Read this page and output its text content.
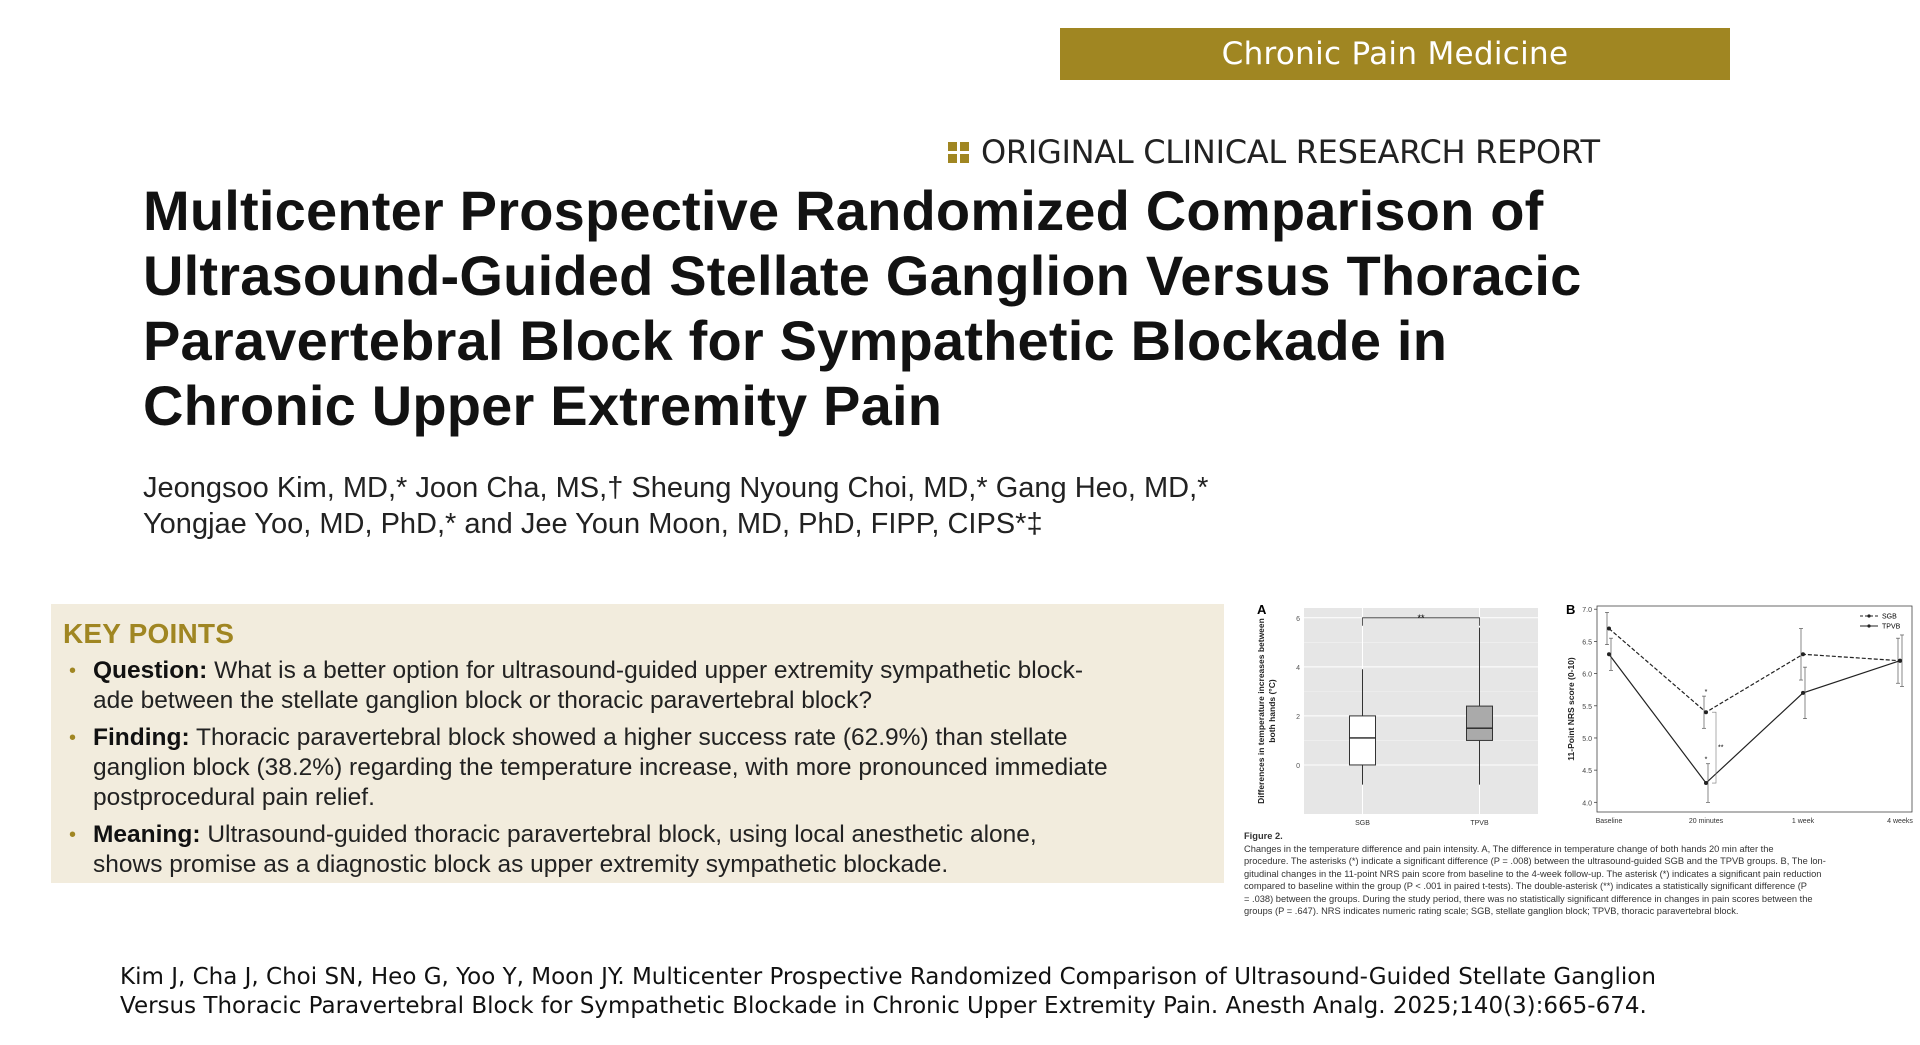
Chronic Pain Medicine
ORIGINAL CLINICAL RESEARCH REPORT
Multicenter Prospective Randomized Comparison of
Ultrasound-Guided Stellate Ganglion Versus Thoracic
Paravertebral Block for Sympathetic Blockade in
Chronic Upper Extremity Pain
Jeongsoo Kim, MD,* Joon Cha, MS,† Sheung Nyoung Choi, MD,* Gang Heo, MD,*
Yongjae Yoo, MD, PhD,* and Jee Youn Moon, MD, PhD, FIPP, CIPS*‡
KEY POINTS
• Question: What is a better option for ultrasound-guided upper extremity sympathetic block-
ade between the stellate ganglion block or thoracic paravertebral block?
• Finding: Thoracic paravertebral block showed a higher success rate (62.9%) than stellate
ganglion block (38.2%) regarding the temperature increase, with more pronounced immediate
postprocedural pain relief.
• Meaning: Ultrasound-guided thoracic paravertebral block, using local anesthetic alone,
shows promise as a diagnostic block as upper extremity sympathetic blockade.
A
0
2
4
6
SGB	TPVB
Differences in temperature increases betweenboth hands (°C)
**
B
4.0
4.5
5.0
5.5
6.0
6.5
7.0
Baseline	20 minutes	1 week	4 weeks
11-Point NRS score (0-10)	*
*
**
SGB
TPVB
Figure 2.
Changes in the temperature difference and pain intensity. A, The difference in temperature change of both hands 20 min after the
procedure. The asterisks (*) indicate a significant difference (P = .008) between the ultrasound-guided SGB and the TPVB groups. B, The lon-
gitudinal changes in the 11-point NRS pain score from baseline to the 4-week follow-up. The asterisk (*) indicates a significant pain reduction
compared to baseline within the group (P < .001 in paired t-tests). The double-asterisk (**) indicates a statistically significant difference (P
= .038) between the groups. During the study period, there was no statistically significant difference in changes in pain scores between the
groups (P = .647). NRS indicates numeric rating scale; SGB, stellate ganglion block; TPVB, thoracic paravertebral block.
Kim J, Cha J, Choi SN, Heo G, Yoo Y, Moon JY. Multicenter Prospective Randomized Comparison of Ultrasound-Guided Stellate Ganglion
Versus Thoracic Paravertebral Block for Sympathetic Blockade in Chronic Upper Extremity Pain. Anesth Analg. 2025;140(3):665-674.
